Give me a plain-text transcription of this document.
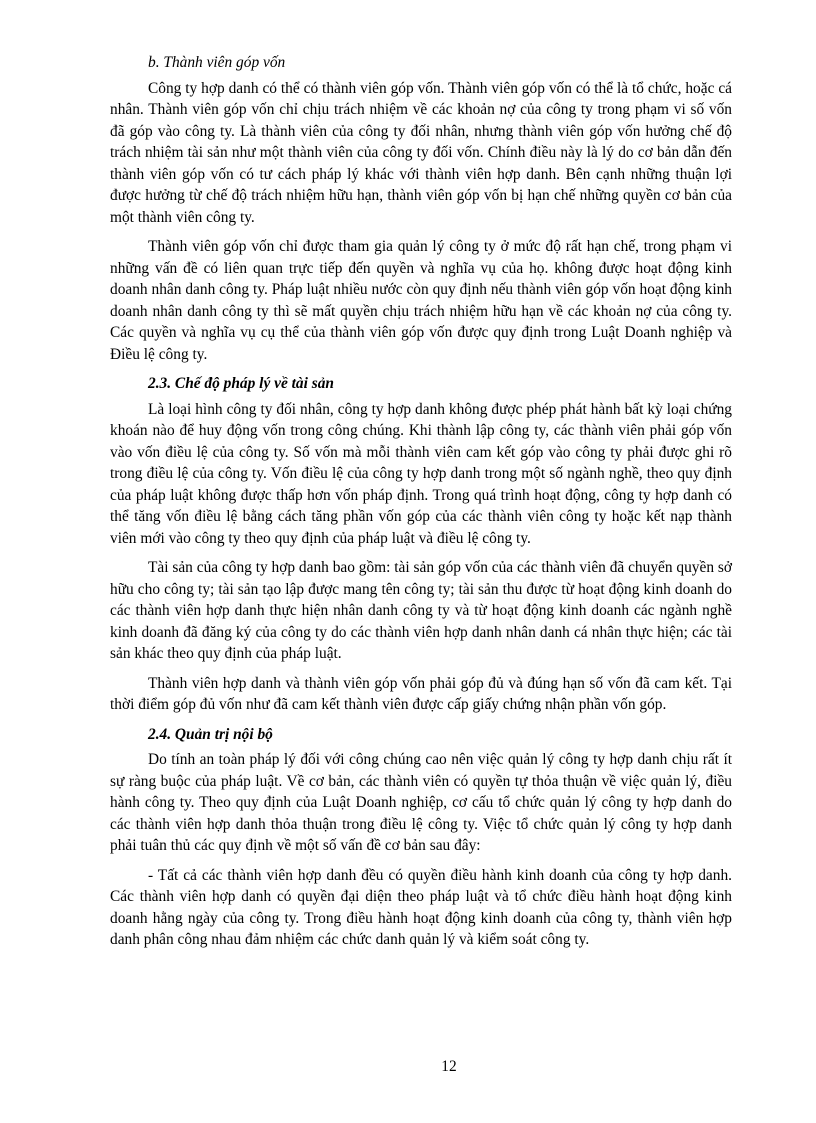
b. Thành viên góp vốn

Công ty hợp danh có thể có thành viên góp vốn. Thành viên góp vốn có thể là tổ chức, hoặc cá nhân. Thành viên góp vốn chỉ chịu trách nhiệm về các khoản nợ của công ty trong phạm vi số vốn đã góp vào công ty. Là thành viên của công ty đối nhân, nhưng thành viên góp vốn hưởng chế độ trách nhiệm tài sản như một thành viên của công ty đối vốn. Chính điều này là lý do cơ bản dẫn đến thành viên góp vốn có tư cách pháp lý khác với thành viên hợp danh. Bên cạnh những thuận lợi được hưởng từ chế độ trách nhiệm hữu hạn, thành viên góp vốn bị hạn chế những quyền cơ bản của một thành viên công ty.

Thành viên góp vốn chỉ được tham gia quản lý công ty ở mức độ rất hạn chế, trong phạm vi những vấn đề có liên quan trực tiếp đến quyền và nghĩa vụ của họ. không được hoạt động kinh doanh nhân danh công ty. Pháp luật nhiều nước còn quy định nếu thành viên góp vốn hoạt động kinh doanh nhân danh công ty thì sẽ mất quyền chịu trách nhiệm hữu hạn về các khoản nợ của công ty. Các quyền và nghĩa vụ cụ thể của thành viên góp vốn được quy định trong Luật Doanh nghiệp và Điều lệ công ty.

2.3. Chế độ pháp lý về tài sản

Là loại hình công ty đối nhân, công ty hợp danh không được phép phát hành bất kỳ loại chứng khoán nào để huy động vốn trong công chúng. Khi thành lập công ty, các thành viên phải góp vốn vào vốn điều lệ của công ty. Số vốn mà mỗi thành viên cam kết góp vào công ty phải được ghi rõ trong điều lệ của công ty. Vốn điều lệ của công ty hợp danh trong một số ngành nghề, theo quy định của pháp luật không được thấp hơn vốn pháp định. Trong quá trình hoạt động, công ty hợp danh có thể tăng vốn điều lệ bằng cách tăng phần vốn góp của các thành viên công ty hoặc kết nạp thành viên mới vào công ty theo quy định của pháp luật và điều lệ công ty.

Tài sản của công ty hợp danh bao gồm: tài sản góp vốn của các thành viên đã chuyển quyền sở hữu cho công ty; tài sản tạo lập được mang tên công ty; tài sản thu được từ hoạt động kinh doanh do các thành viên hợp danh thực hiện nhân danh công ty và từ hoạt động kinh doanh các ngành nghề kinh doanh đã đăng ký của công ty do các thành viên hợp danh nhân danh cá nhân thực hiện; các tài sản khác theo quy định của pháp luật.

Thành viên hợp danh và thành viên góp vốn phải góp đủ và đúng hạn số vốn đã cam kết. Tại thời điểm góp đủ vốn như đã cam kết thành viên được cấp giấy chứng nhận phần vốn góp.

2.4. Quản trị nội bộ

Do tính an toàn pháp lý đối với công chúng cao nên việc quản lý công ty hợp danh chịu rất ít sự ràng buộc của pháp luật. Về cơ bản, các thành viên có quyền tự thỏa thuận về việc quản lý, điều hành công ty. Theo quy định của Luật Doanh nghiệp, cơ cấu tổ chức quản lý công ty hợp danh do các thành viên hợp danh thỏa thuận trong điều lệ công ty. Việc tổ chức quản lý công ty hợp danh phải tuân thủ các quy định về một số vấn đề cơ bản sau đây:

- Tất cả các thành viên hợp danh đều có quyền điều hành kinh doanh của công ty hợp danh. Các thành viên hợp danh có quyền đại diện theo pháp luật và tổ chức điều hành hoạt động kinh doanh hằng ngày của công ty. Trong điều hành hoạt động kinh doanh của công ty, thành viên hợp danh phân công nhau đảm nhiệm các chức danh quản lý và kiểm soát công ty.

12
